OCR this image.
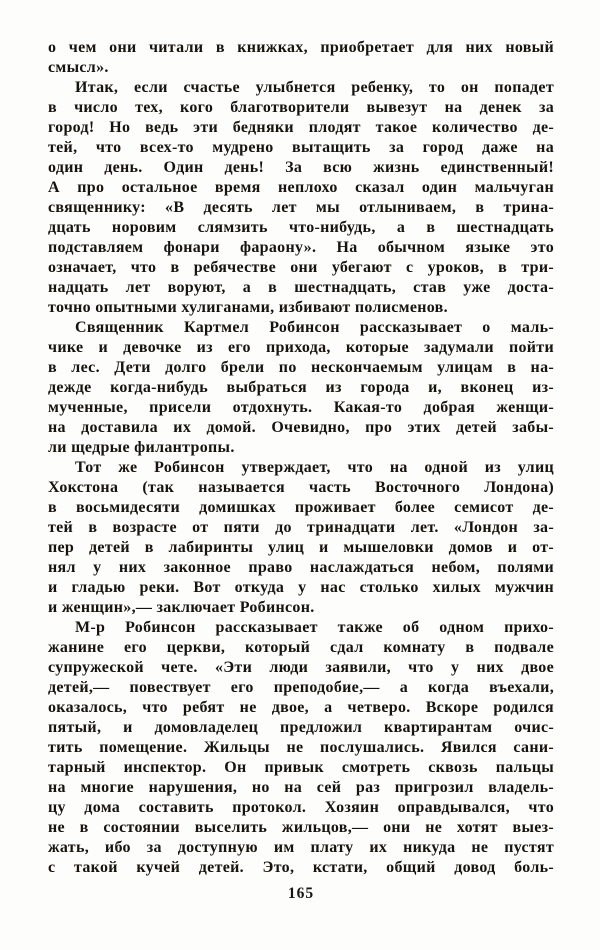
о чем они читали в книжках, приобретает для них новый
смысл».
Итак, если счастье улыбнется ребенку, то он попадет
в число тех, кого благотворители вывезут на денек за
город! Но ведь эти бедняки плодят такое количество де-
тей, что всех-то мудрено вытащить за город даже на
один день. Один день! За всю жизнь единственный!
А про остальное время неплохо сказал один мальчуган
священнику: «В десять лет мы отлыниваем, в трина-
дцать норовим слямзить что-нибудь, а в шестнадцать
подставляем фонари фараону». На обычном языке это
означает, что в ребячестве они убегают с уроков, в три-
надцать лет воруют, а в шестнадцать, став уже доста-
точно опытными хулиганами, избивают полисменов.
Священник Картмел Робинсон рассказывает о маль-
чике и девочке из его прихода, которые задумали пойти
в лес. Дети долго брели по нескончаемым улицам в на-
дежде когда-нибудь выбраться из города и, вконец из-
мученные, присели отдохнуть. Какая-то добрая женщи-
на доставила их домой. Очевидно, про этих детей забы-
ли щедрые филантропы.
Тот же Робинсон утверждает, что на одной из улиц
Хокстона (так называется часть Восточного Лондона)
в восьмидесяти домишках проживает более семисот де-
тей в возрасте от пяти до тринадцати лет. «Лондон за-
пер детей в лабиринты улиц и мышеловки домов и от-
нял у них законное право наслаждаться небом, полями
и гладью реки. Вот откуда у нас столько хилых мужчин
и женщин»,— заключает Робинсон.
М-р Робинсон рассказывает также об одном прихо-
жанине его церкви, который сдал комнату в подвале
супружеской чете. «Эти люди заявили, что у них двое
детей,— повествует его преподобие,— а когда въехали,
оказалось, что ребят не двое, а четверо. Вскоре родился
пятый, и домовладелец предложил квартирантам очис-
тить помещение. Жильцы не послушались. Явился сани-
тарный инспектор. Он привык смотреть сквозь пальцы
на многие нарушения, но на сей раз пригрозил владель-
цу дома составить протокол. Хозяин оправдывался, что
не в состоянии выселить жильцов,— они не хотят выез-
жать, ибо за доступную им плату их никуда не пустят
с такой кучей детей. Это, кстати, общий довод боль-
165
